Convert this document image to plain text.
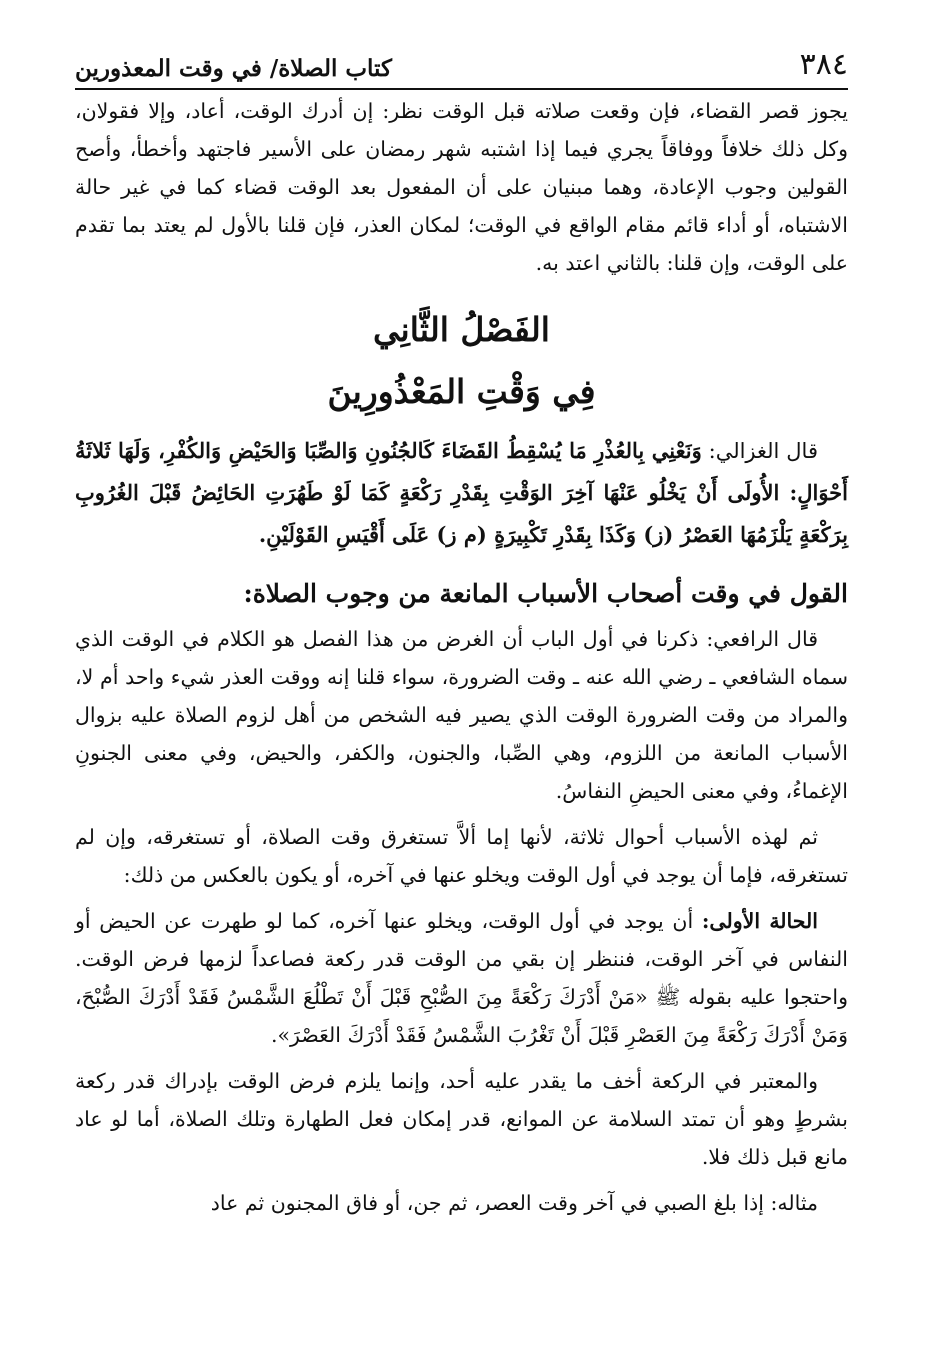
٣٨٤
كتاب الصلاة/ في وقت المعذورين

يجوز قصر القضاء، فإن وقعت صلاته قبل الوقت نظر: إن أدرك الوقت، أعاد، وإلا فقولان، وكل ذلك خلافاً ووفاقاً يجري فيما إذا اشتبه شهر رمضان على الأسير فاجتهد وأخطأ، وأصح القولين وجوب الإعادة، وهما مبنيان على أن المفعول بعد الوقت قضاء كما في غير حالة الاشتباه، أو أداء قائم مقام الواقع في الوقت؛ لمكان العذر، فإن قلنا بالأول لم يعتد بما تقدم على الوقت، وإن قلنا: بالثاني اعتد به.

الفَصْلُ الثَّانِي
فِي وَقْتِ المَعْذُورِينَ

قال الغزالي: وَنَعْنِي بِالعُذْرِ مَا يُسْقِطُ القَضَاءَ كَالجُنُونِ وَالصِّبَا وَالحَيْضِ وَالكُفْرِ، وَلَهَا ثَلاثَةُ أَحْوَالٍ: الأُولَى أَنْ يَخْلُو عَنْهَا آخِرَ الوَقْتِ بِقَدْرِ رَكْعَةٍ كَمَا لَوْ طَهُرَتِ الحَائِضُ قَبْلَ الغُرُوبِ بِرَكْعَةٍ يَلْزَمُهَا العَصْرُ (ز) وَكَذَا بِقَدْرِ تَكْبِيرَةٍ (م ز) عَلَى أَقْيَسِ القَوْلَيْنِ.

القول في وقت أصحاب الأسباب المانعة من وجوب الصلاة:

قال الرافعي: ذكرنا في أول الباب أن الغرض من هذا الفصل هو الكلام في الوقت الذي سماه الشافعي ـ رضي الله عنه ـ وقت الضرورة، سواء قلنا إنه ووقت العذر شيء واحد أم لا، والمراد من وقت الضرورة الوقت الذي يصير فيه الشخص من أهل لزوم الصلاة عليه بزوال الأسباب المانعة من اللزوم، وهي الصِّبا، والجنون، والكفر، والحيض، وفي معنى الجنونِ الإغماءُ، وفي معنى الحيضِ النفاسُ.

ثم لهذه الأسباب أحوال ثلاثة، لأنها إما ألاَّ تستغرق وقت الصلاة، أو تستغرقه، وإن لم تستغرقه، فإما أن يوجد في أول الوقت ويخلو عنها في آخره، أو يكون بالعكس من ذلك:

الحالة الأولى: أن يوجد في أول الوقت، ويخلو عنها آخره، كما لو طهرت عن الحيض أو النفاس في آخر الوقت، فننظر إن بقي من الوقت قدر ركعة فصاعداً لزمها فرض الوقت. واحتجوا عليه بقوله ﷺ «مَنْ أَدْرَكَ رَكْعَةً مِنَ الصُّبْحِ قَبْلَ أَنْ تَطْلُعَ الشَّمْسُ فَقَدْ أَدْرَكَ الصُّبْحَ، وَمَنْ أَدْرَكَ رَكْعَةً مِنَ العَصْرِ قَبْلَ أَنْ تَغْرُبَ الشَّمْسُ فَقَدْ أَدْرَكَ العَصْرَ».

والمعتبر في الركعة أخف ما يقدر عليه أحد، وإنما يلزم فرض الوقت بإدراك قدر ركعة بشرطٍ وهو أن تمتد السلامة عن الموانع، قدر إمكان فعل الطهارة وتلك الصلاة، أما لو عاد مانع قبل ذلك فلا.

مثاله: إذا بلغ الصبي في آخر وقت العصر، ثم جن، أو فاق المجنون ثم عاد
